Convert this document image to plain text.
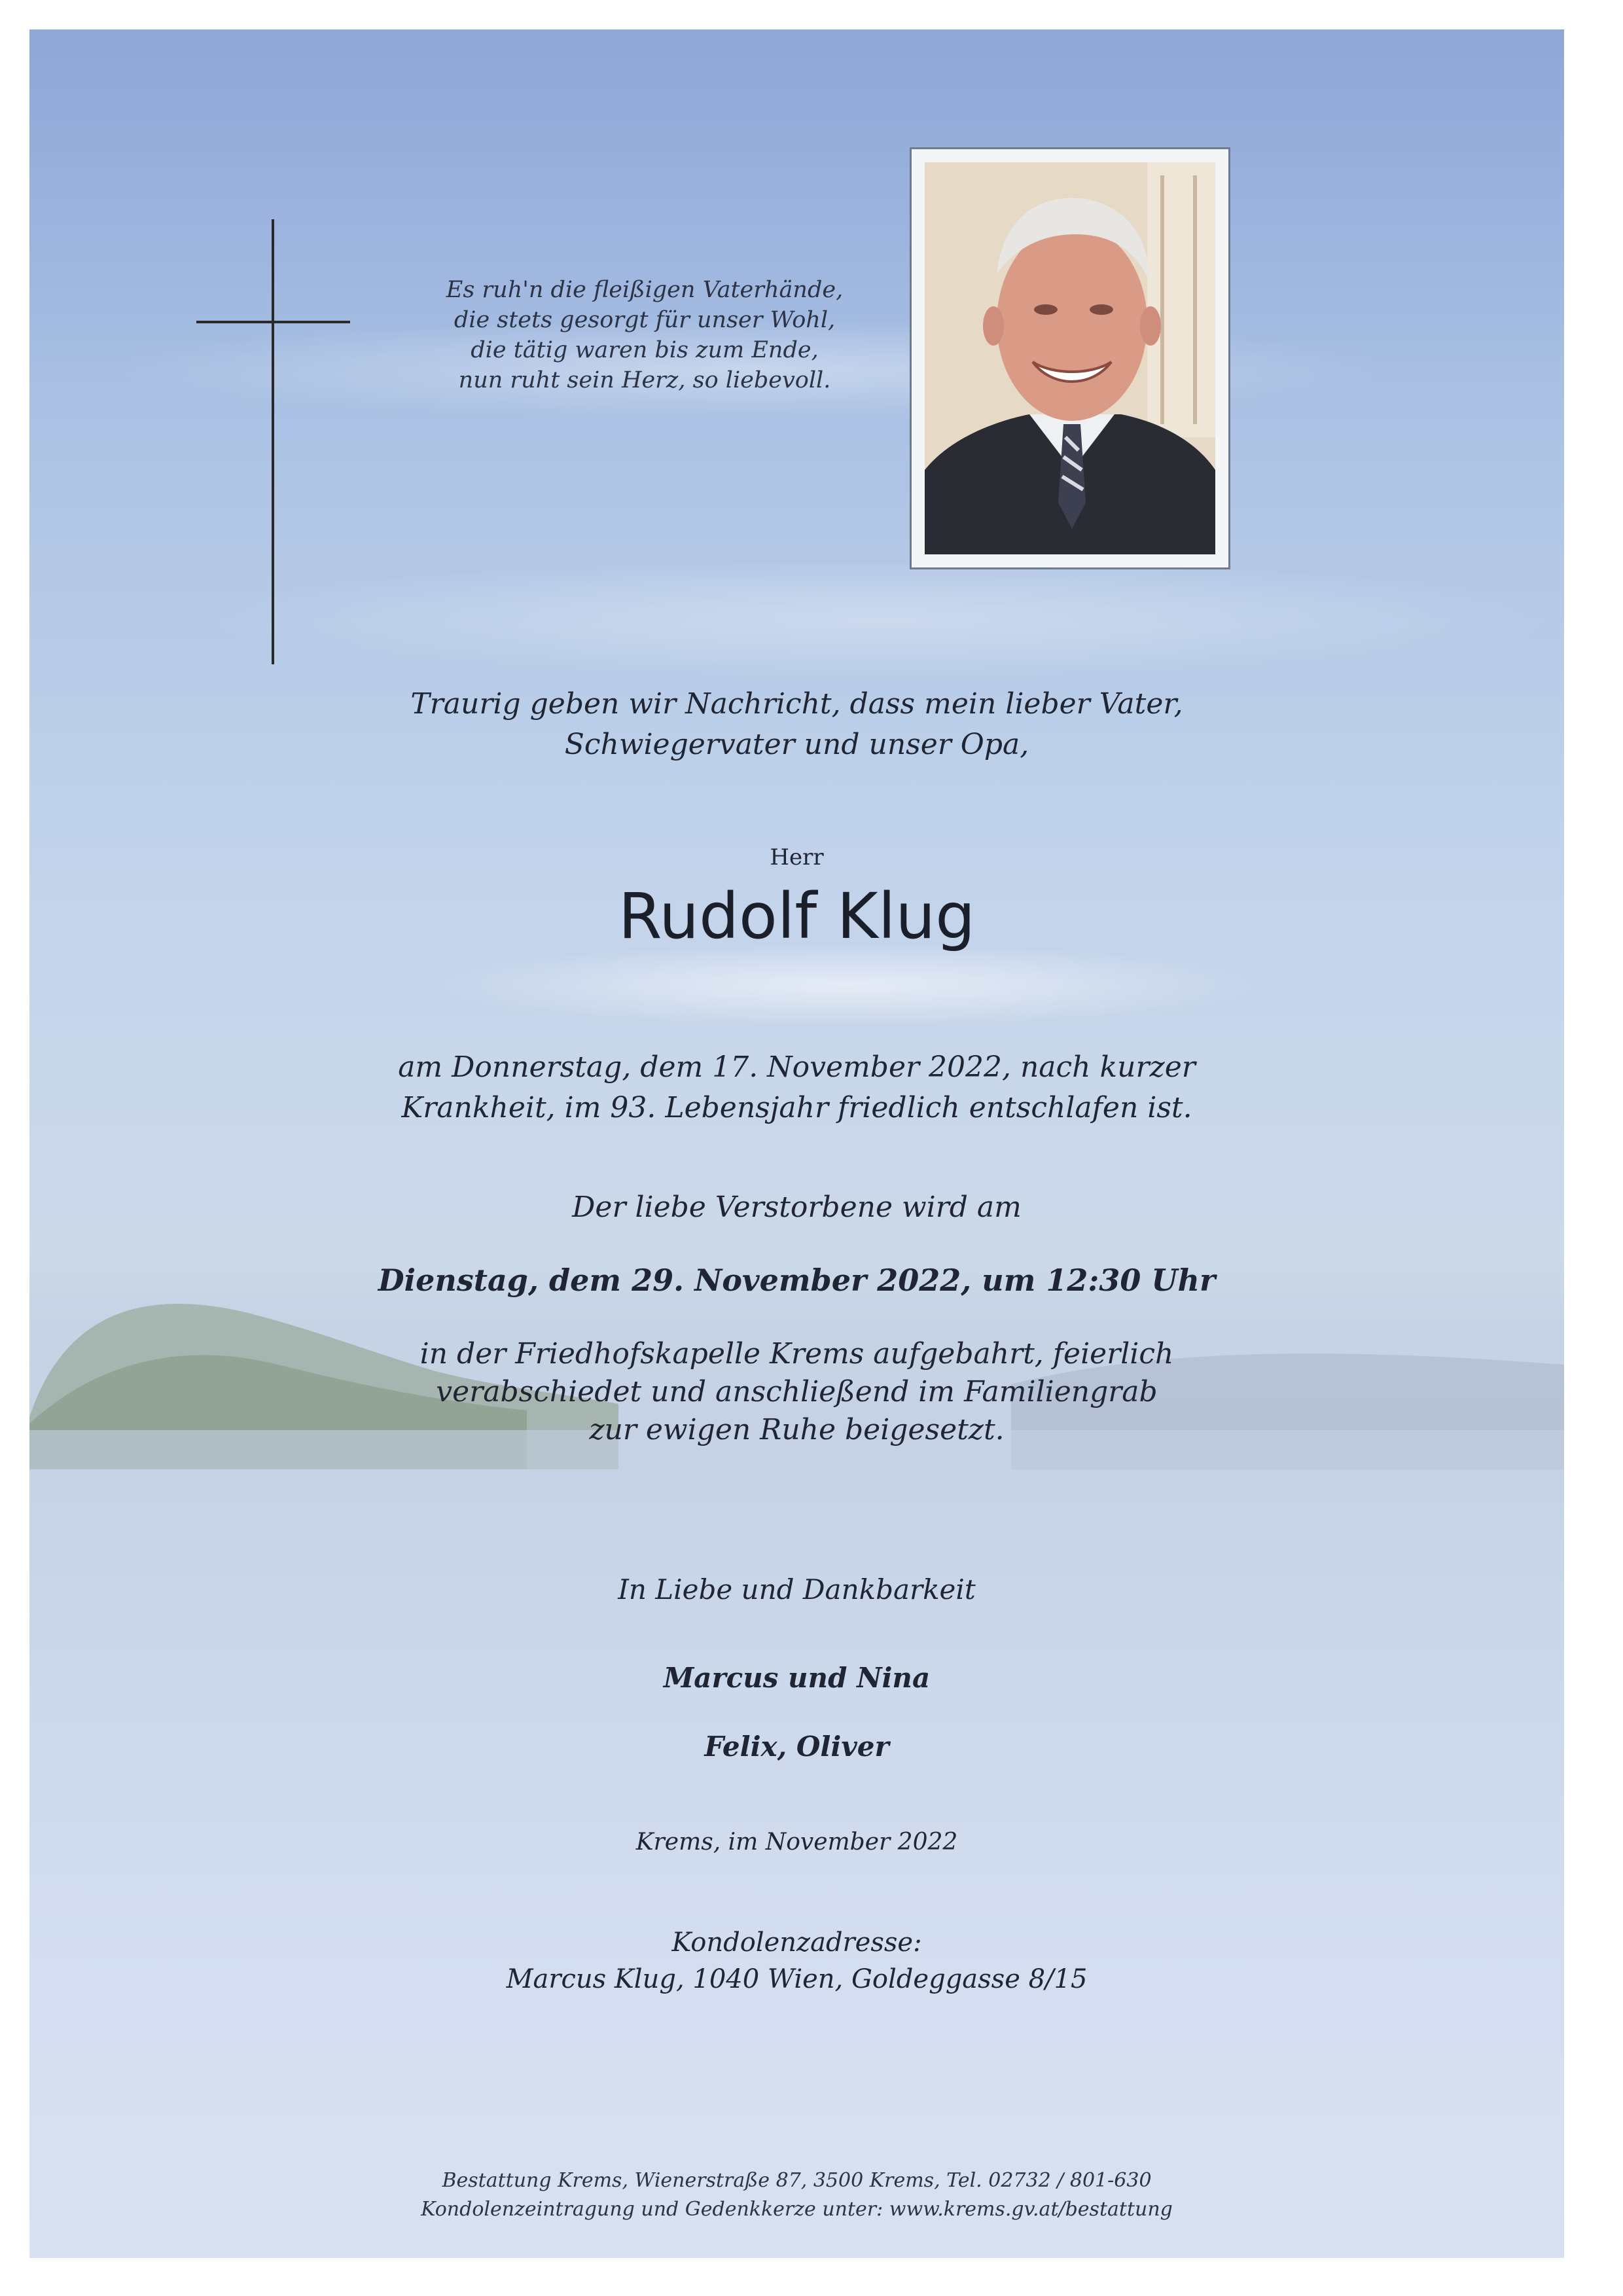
Es ruh'n die fleißigen Vaterhände,
die stets gesorgt für unser Wohl,
die tätig waren bis zum Ende,
nun ruht sein Herz, so liebevoll.
Traurig geben wir Nachricht, dass mein lieber Vater,
Schwiegervater und unser Opa,
Herr
Rudolf Klug
am Donnerstag, dem 17. November 2022, nach kurzer
Krankheit, im 93. Lebensjahr friedlich entschlafen ist.
Der liebe Verstorbene wird am
Dienstag, dem 29. November 2022, um 12:30 Uhr
in der Friedhofskapelle Krems aufgebahrt, feierlich
verabschiedet und anschließend im Familiengrab
zur ewigen Ruhe beigesetzt.
In Liebe und Dankbarkeit
Marcus und Nina
Felix, Oliver
Krems, im November 2022
Kondolenzadresse:
Marcus Klug, 1040 Wien, Goldeggasse 8/15
Bestattung Krems, Wienerstraße 87, 3500 Krems, Tel. 02732 / 801-630
Kondolenzeintragung und Gedenkkerze unter: www.krems.gv.at/bestattung
